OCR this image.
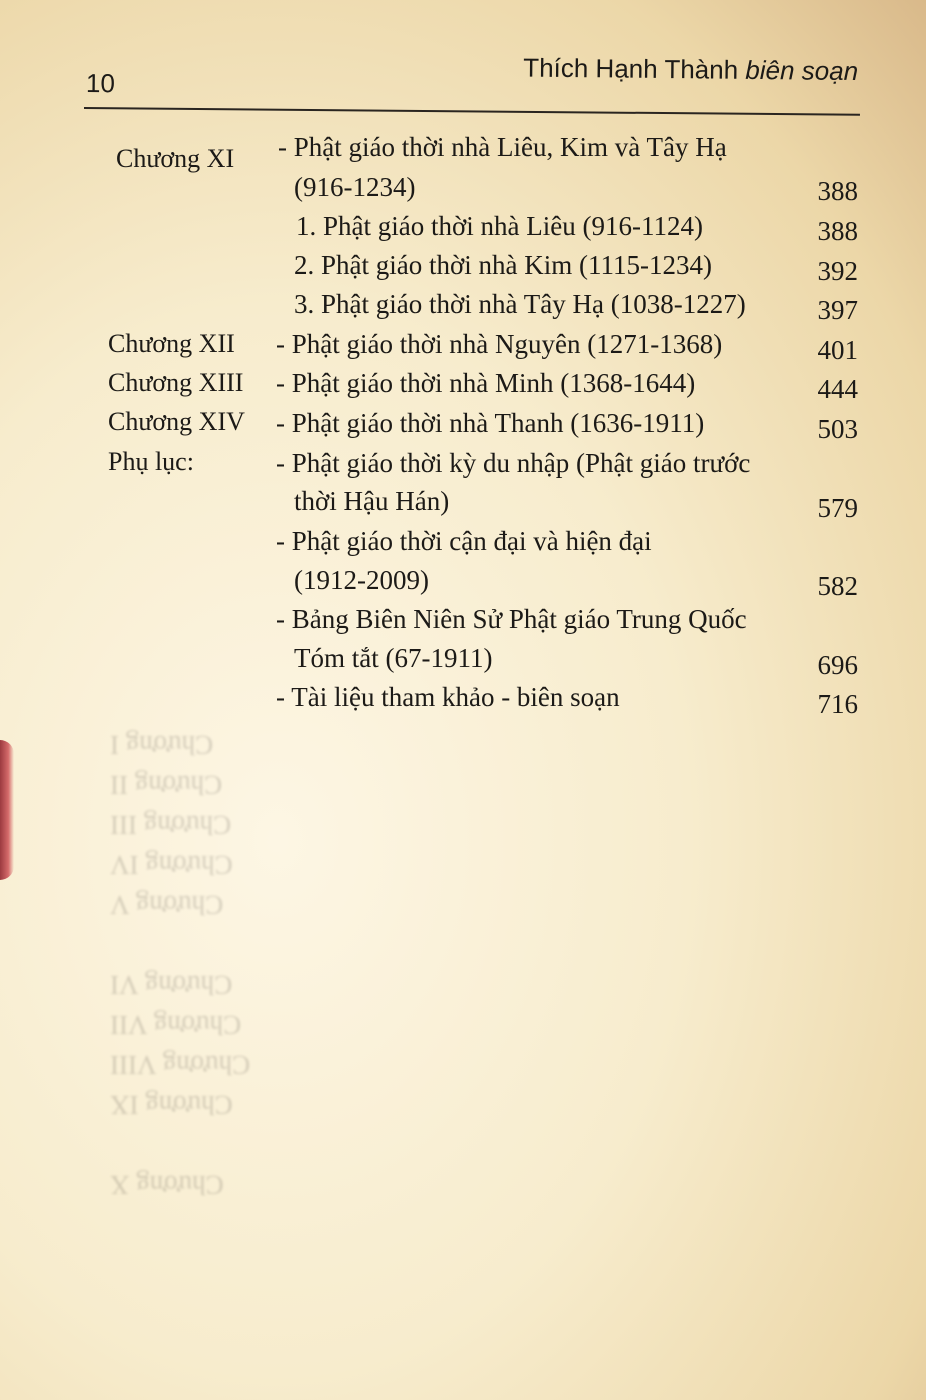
10	Thích Hạnh Thành biên soạn
Chương XI - Phật giáo thời nhà Liêu, Kim và Tây Hạ
(916-1234)	388
1. Phật giáo thời nhà Liêu (916-1124)	388
2. Phật giáo thời nhà Kim (1115-1234)	392
3. Phật giáo thời nhà Tây Hạ (1038-1227)	397
Chương XII - Phật giáo thời nhà Nguyên (1271-1368)	401
Chương XIII - Phật giáo thời nhà Minh (1368-1644)	444
Chương XIV - Phật giáo thời nhà Thanh (1636-1911)	503
Phụ lục:	- Phật giáo thời kỳ du nhập (Phật giáo trước
thời Hậu Hán)	579
- Phật giáo thời cận đại và hiện đại
(1912-2009)	582
- Bảng Biên Niên Sử Phật giáo Trung Quốc
Tóm tắt (67-1911)	696
- Tài liệu tham khảo - biên soạn	716
Chương I
Chương II
Chương III
Chương IV
Chương V
Chương VI
Chương VII
Chương VIII
Chương IX
Chương X
